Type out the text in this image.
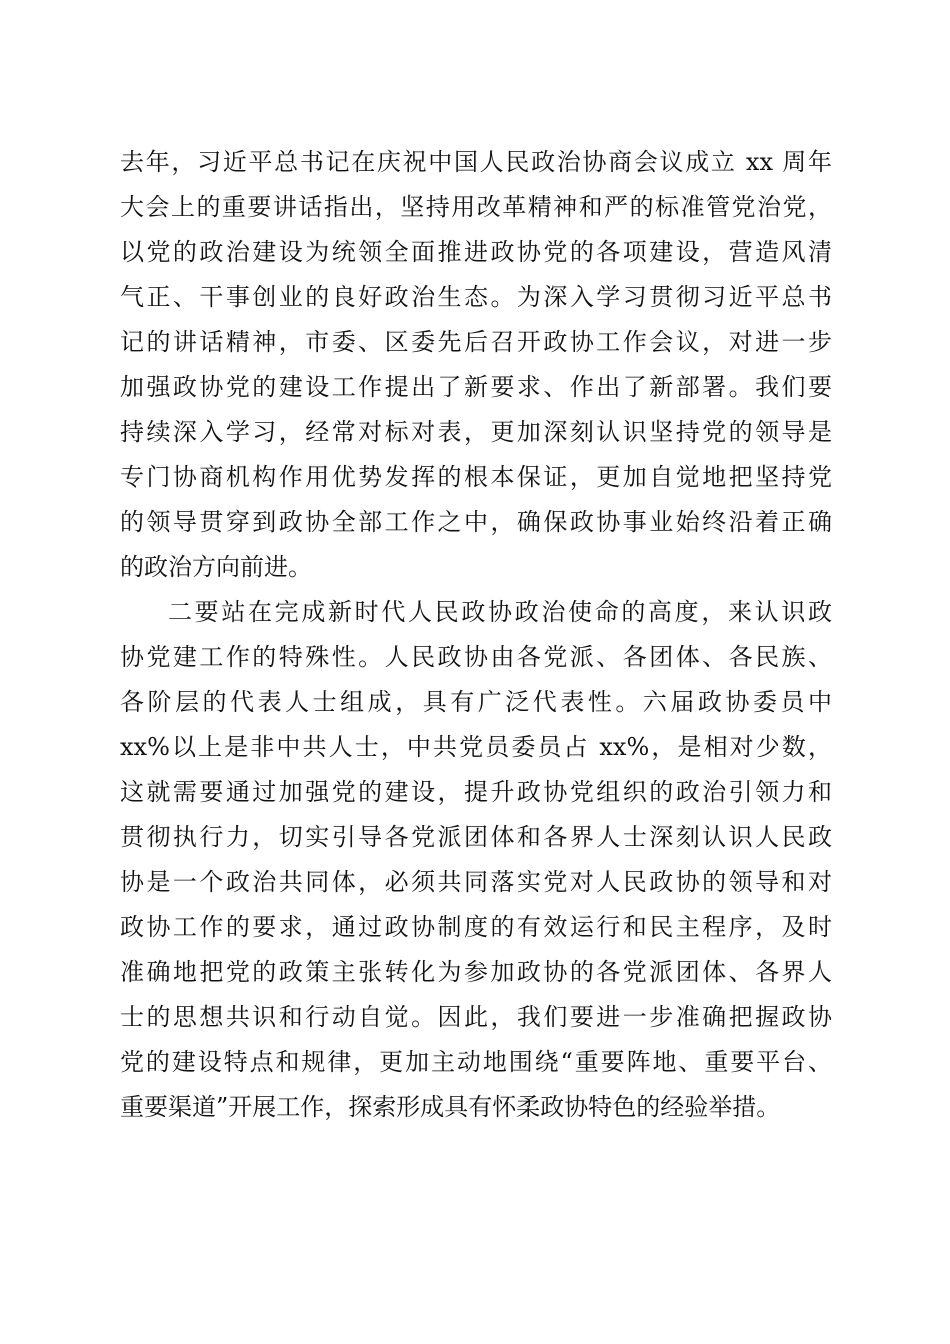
去年，习近平总书记在庆祝中国人民政治协商会议成立 xx 周年
大会上的重要讲话指出，坚持用改革精神和严的标准管党治党，
以党的政治建设为统领全面推进政协党的各项建设，营造风清
气正、干事创业的良好政治生态。为深入学习贯彻习近平总书
记的讲话精神，市委、区委先后召开政协工作会议，对进一步
加强政协党的建设工作提出了新要求、作出了新部署。我们要
持续深入学习，经常对标对表，更加深刻认识坚持党的领导是
专门协商机构作用优势发挥的根本保证，更加自觉地把坚持党
的领导贯穿到政协全部工作之中，确保政协事业始终沿着正确
的政治方向前进。
二要站在完成新时代人民政协政治使命的高度，来认识政
协党建工作的特殊性。人民政协由各党派、各团体、各民族、
各阶层的代表人士组成，具有广泛代表性。六届政协委员中
xx%以上是非中共人士，中共党员委员占 xx%，是相对少数，
这就需要通过加强党的建设，提升政协党组织的政治引领力和
贯彻执行力，切实引导各党派团体和各界人士深刻认识人民政
协是一个政治共同体，必须共同落实党对人民政协的领导和对
政协工作的要求，通过政协制度的有效运行和民主程序，及时
准确地把党的政策主张转化为参加政协的各党派团体、各界人
士的思想共识和行动自觉。因此，我们要进一步准确把握政协
党的建设特点和规律，更加主动地围绕“重要阵地、重要平台、
重要渠道”开展工作，探索形成具有怀柔政协特色的经验举措。
